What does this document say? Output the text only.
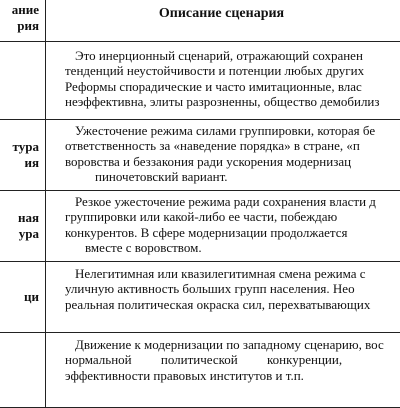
ание
рия
Описание сценария
Это инерционный сценарий, отражающий сохранен
тенденций неустойчивости и потенции любых других
Реформы спорадические и часто имитационные, влас
неэффективна, элиты разрозненны, общество демобилиз
тура
ия
Ужесточение режима силами группировки, которая бе
ответственность за «наведение порядка» в стране, «п
воровства и беззакония ради ускорения модернизац
пиночетовский вариант.
ная
ура
Резкое ужесточение режима ради сохранения власти д
группировки или какой-либо ее части, побеждаю
конкурентов. В сфере модернизации продолжается
вместе с воровством.
ци
Нелегитимная или квазилегитимная смена режима с
уличную активность больших групп населения. Нео
реальная политическая окраска сил, перехватывающих
Движение к модернизации по западному сценарию, вос
нормальной политической конкуренции,
эффективности правовых институтов и т.п.
